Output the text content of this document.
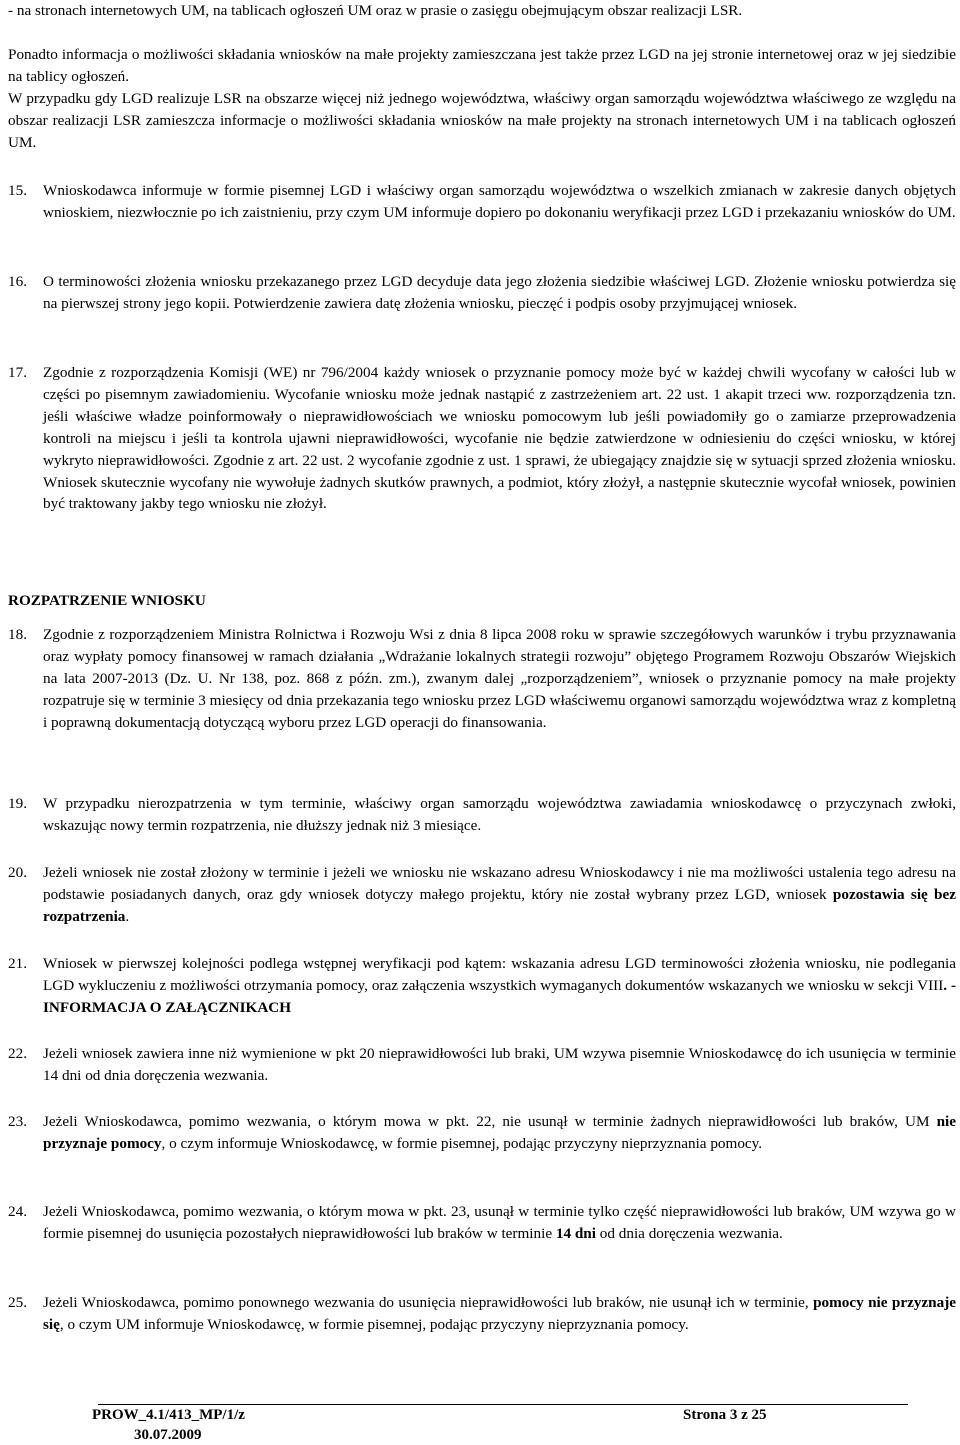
- na stronach internetowych UM, na tablicach ogłoszeń UM oraz w prasie o zasięgu obejmującym obszar realizacji LSR.
Ponadto informacja o możliwości składania wniosków na małe projekty zamieszczana jest także przez LGD na jej stronie internetowej oraz w jej siedzibie na tablicy ogłoszeń.
W przypadku gdy LGD realizuje LSR na obszarze więcej niż jednego województwa, właściwy organ samorządu województwa właściwego ze względu na obszar realizacji LSR zamieszcza informacje o możliwości składania wniosków na małe projekty na stronach internetowych UM i na tablicach ogłoszeń UM.
15.	Wnioskodawca informuje w formie pisemnej LGD i właściwy organ samorządu województwa o wszelkich zmianach w zakresie danych objętych wnioskiem, niezwłocznie po ich zaistnieniu, przy czym UM informuje dopiero po dokonaniu weryfikacji przez LGD i przekazaniu wniosków do UM.
16.	O terminowości złożenia wniosku przekazanego przez LGD decyduje data jego złożenia siedzibie właściwej LGD. Złożenie wniosku potwierdza się na pierwszej strony jego kopii. Potwierdzenie zawiera datę złożenia wniosku, pieczęć i podpis osoby przyjmującej wniosek.
17.	Zgodnie z rozporządzenia Komisji (WE) nr 796/2004 każdy wniosek o przyznanie pomocy może być w każdej chwili wycofany w całości lub w części po pisemnym zawiadomieniu. Wycofanie wniosku może jednak nastąpić z zastrzeżeniem art. 22 ust. 1 akapit trzeci ww. rozporządzenia tzn. jeśli właściwe władze poinformowały o nieprawidłowościach we wniosku pomocowym lub jeśli powiadomiły go o zamiarze przeprowadzenia kontroli na miejscu i jeśli ta kontrola ujawni nieprawidłowości, wycofanie nie będzie zatwierdzone w odniesieniu do części wniosku, w której wykryto nieprawidłowości. Zgodnie z art. 22 ust. 2 wycofanie zgodnie z ust. 1 sprawi, że ubiegający znajdzie się w sytuacji sprzed złożenia wniosku. Wniosek skutecznie wycofany nie wywołuje żadnych skutków prawnych, a podmiot, który złożył, a następnie skutecznie wycofał wniosek, powinien być traktowany jakby tego wniosku nie złożył.
ROZPATRZENIE WNIOSKU
18.	Zgodnie z rozporządzeniem Ministra Rolnictwa i Rozwoju Wsi z dnia 8 lipca 2008 roku w sprawie szczegółowych warunków i trybu przyznawania oraz wypłaty pomocy finansowej w ramach działania „Wdrażanie lokalnych strategii rozwoju” objętego Programem Rozwoju Obszarów Wiejskich na lata 2007-2013 (Dz. U. Nr 138, poz. 868 z późn. zm.), zwanym dalej „rozporządzeniem”, wniosek o przyznanie pomocy na małe projekty rozpatruje się w terminie 3 miesięcy od dnia przekazania tego wniosku przez LGD właściwemu organowi samorządu województwa wraz z kompletną i poprawną dokumentacją dotyczącą wyboru przez LGD operacji do finansowania.
19.	W przypadku nierozpatrzenia w tym terminie, właściwy organ samorządu województwa zawiadamia wnioskodawcę o przyczynach zwłoki, wskazując nowy termin rozpatrzenia, nie dłuższy jednak niż 3 miesiące.
20.	Jeżeli wniosek nie został złożony w terminie i jeżeli we wniosku nie wskazano adresu Wnioskodawcy i nie ma możliwości ustalenia tego adresu na podstawie posiadanych danych, oraz gdy wniosek dotyczy małego projektu, który nie został wybrany przez LGD, wniosek pozostawia się bez rozpatrzenia.
21.	Wniosek w pierwszej kolejności podlega wstępnej weryfikacji pod kątem: wskazania adresu LGD terminowości złożenia wniosku, nie podlegania LGD wykluczeniu z możliwości otrzymania pomocy, oraz załączenia wszystkich wymaganych dokumentów wskazanych we wniosku w sekcji VIII. - INFORMACJA O ZAŁĄCZNIKACH
22.	Jeżeli wniosek zawiera inne niż wymienione w pkt 20 nieprawidłowości lub braki, UM wzywa pisemnie Wnioskodawcę do ich usunięcia w terminie 14 dni od dnia doręczenia wezwania.
23.	Jeżeli Wnioskodawca, pomimo wezwania, o którym mowa w pkt. 22, nie usunął w terminie żadnych nieprawidłowości lub braków, UM nie przyznaje pomocy, o czym informuje Wnioskodawcę, w formie pisemnej, podając przyczyny nieprzyznania pomocy.
24.	Jeżeli Wnioskodawca, pomimo wezwania, o którym mowa w pkt. 23, usunął w terminie tylko część nieprawidłowości lub braków, UM wzywa go w formie pisemnej do usunięcia pozostałych nieprawidłowości lub braków w terminie 14 dni od dnia doręczenia wezwania.
25.	Jeżeli Wnioskodawca, pomimo ponownego wezwania do usunięcia nieprawidłowości lub braków, nie usunął ich w terminie, pomocy nie przyznaje się, o czym UM informuje Wnioskodawcę, w formie pisemnej, podając przyczyny nieprzyznania pomocy.
PROW_4.1/413_MP/1/z
30.07.2009
Strona 3 z 25
